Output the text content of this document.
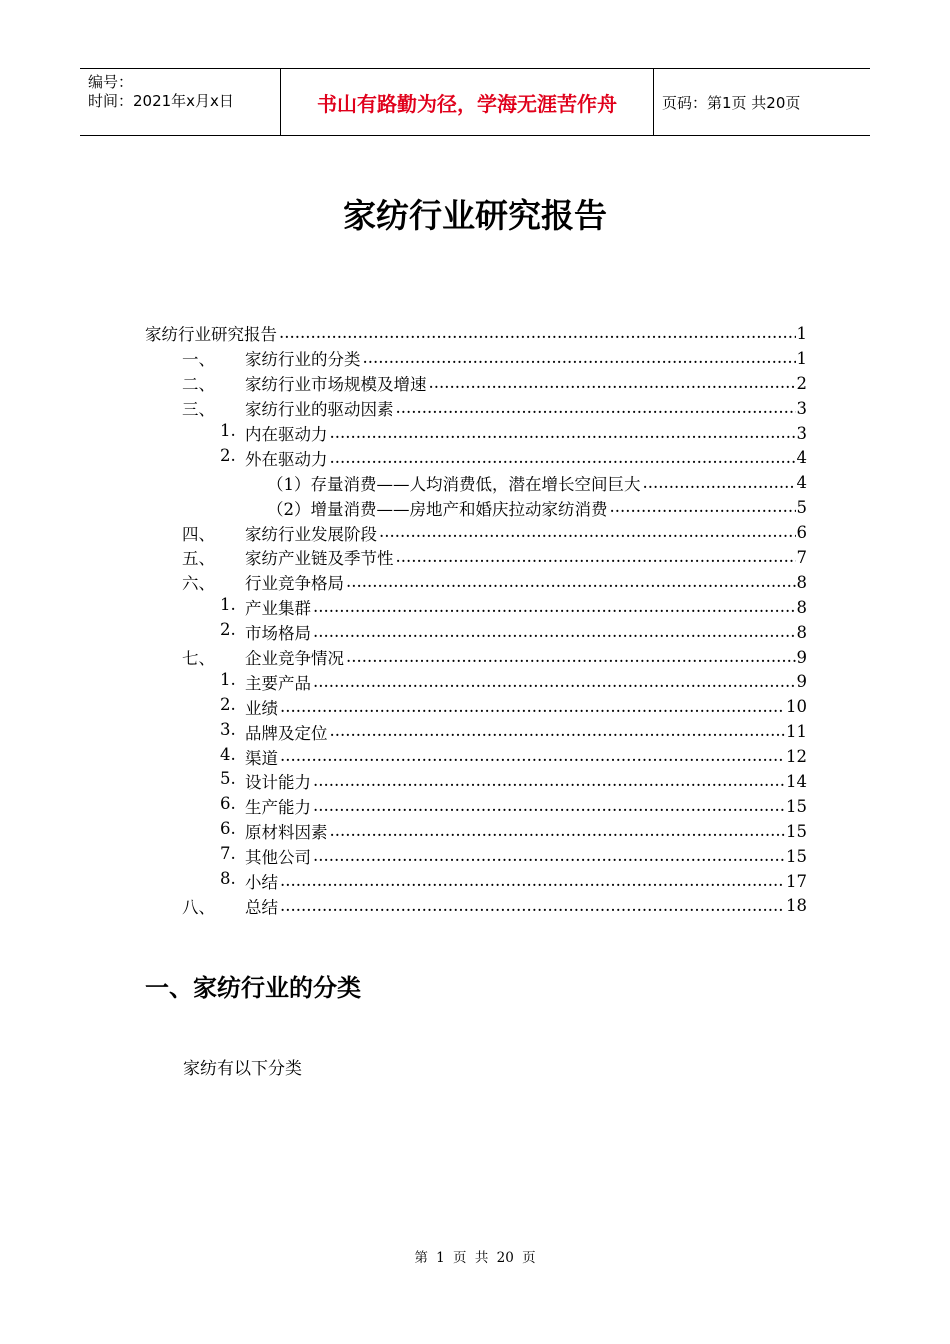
编号：
时间：2021年x月x日	书山有路勤为径，学海无涯苦作舟	页码：第1页 共20页
家纺行业研究报告
家纺行业研究报告 .....	1
一、	家纺行业的分类 .....	1
二、	家纺行业市场规模及增速 .....	2
三、	家纺行业的驱动因素 .....	3
1. 内在驱动力 .....	3
2. 外在驱动力 .....	4
（1）存量消费——人均消费低，潜在增长空间巨大 .....	4
（2）增量消费——房地产和婚庆拉动家纺消费 .....	5
四、	家纺行业发展阶段 .....	6
五、	家纺产业链及季节性 .....	7
六、	行业竞争格局 .....	8
1. 产业集群 .....	8
2. 市场格局 .....	8
七、	企业竞争情况 .....	9
1. 主要产品 .....	9
2. 业绩 .....	10
3. 品牌及定位 .....	11
4. 渠道 .....	12
5. 设计能力 .....	14
6. 生产能力 .....	15
6. 原材料因素 .....	15
7. 其他公司 .....	15
8. 小结 .....	17
八、	总结 .....	18
一、家纺行业的分类
家纺有以下分类
第 1 页 共 20 页
